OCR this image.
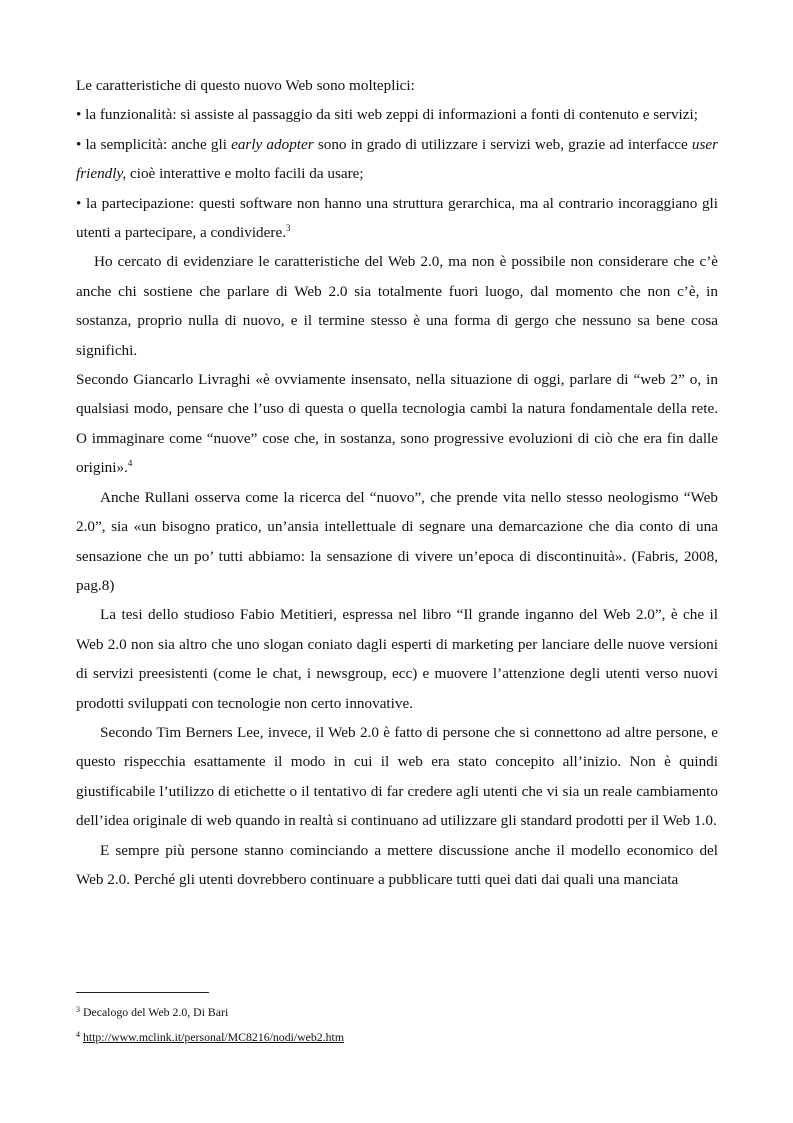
Le caratteristiche di questo nuovo Web sono molteplici:

• la funzionalità: si assiste al passaggio da siti web zeppi di informazioni a fonti di contenuto e servizi;

• la semplicità: anche gli early adopter sono in grado di utilizzare i servizi web, grazie ad interfacce user friendly, cioè interattive e molto facili da usare;

• la partecipazione: questi software non hanno una struttura gerarchica, ma al contrario incoraggiano gli utenti a partecipare, a condividere.$^3$

Ho cercato di evidenziare le caratteristiche del Web 2.0, ma non è possibile non considerare che c’è anche chi sostiene che parlare di Web 2.0 sia totalmente fuori luogo, dal momento che non c’è, in sostanza, proprio nulla di nuovo, e il termine stesso è una forma di gergo che nessuno sa bene cosa significhi.

Secondo Giancarlo Livraghi «è ovviamente insensato, nella situazione di oggi, parlare di “web 2” o, in qualsiasi modo, pensare che l’uso di questa o quella tecnologia cambi la natura fondamentale della rete. O immaginare come “nuove” cose che, in sostanza, sono progressive evoluzioni di ciò che era fin dalle origini».$^4$

Anche Rullani osserva come la ricerca del “nuovo”, che prende vita nello stesso neologismo “Web 2.0”, sia «un bisogno pratico, un’ansia intellettuale di segnare una demarcazione che dia conto di una sensazione che un po’ tutti abbiamo: la sensazione di vivere un’epoca di discontinuità». (Fabris, 2008, pag.8)

La tesi dello studioso Fabio Metitieri, espressa nel libro “Il grande inganno del Web 2.0”, è che il Web 2.0 non sia altro che uno slogan coniato dagli esperti di marketing per lanciare delle nuove versioni di servizi preesistenti (come le chat, i newsgroup, ecc) e muovere l’attenzione degli utenti verso nuovi prodotti sviluppati con tecnologie non certo innovative.

Secondo Tim Berners Lee, invece, il Web 2.0 è fatto di persone che si connettono ad altre persone, e questo rispecchia esattamente il modo in cui il web era stato concepito all’inizio. Non è quindi giustificabile l’utilizzo di etichette o il tentativo di far credere agli utenti che vi sia un reale cambiamento dell’idea originale di web quando in realtà si continuano ad utilizzare gli standard prodotti per il Web 1.0.

E sempre più persone stanno cominciando a mettere discussione anche il modello economico del Web 2.0. Perché gli utenti dovrebbero continuare a pubblicare tutti quei dati dai quali una manciata

$^3$ Decalogo del Web 2.0, Di Bari

$^4$ http://www.mclink.it/personal/MC8216/nodi/web2.htm
